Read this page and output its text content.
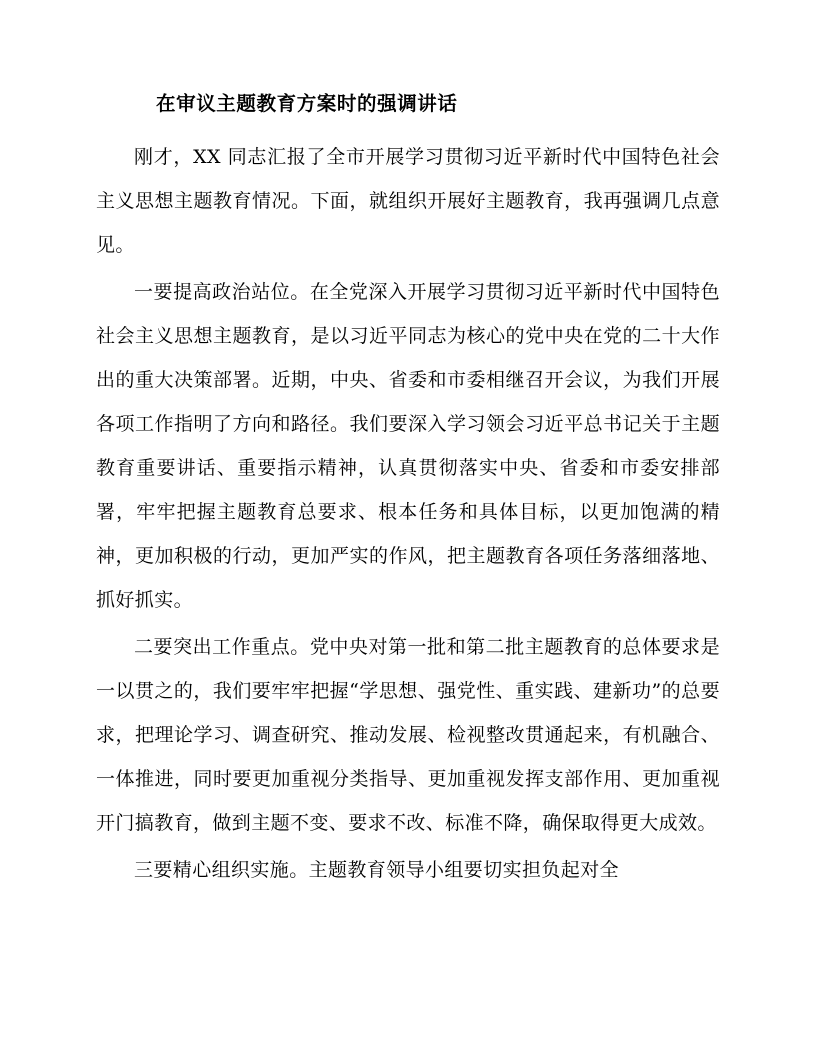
在审议主题教育方案时的强调讲话

刚才，XX 同志汇报了全市开展学习贯彻习近平新时代中国特色社会主义思想主题教育情况。下面，就组织开展好主题教育，我再强调几点意见。

一要提高政治站位。在全党深入开展学习贯彻习近平新时代中国特色社会主义思想主题教育，是以习近平同志为核心的党中央在党的二十大作出的重大决策部署。近期，中央、省委和市委相继召开会议，为我们开展各项工作指明了方向和路径。我们要深入学习领会习近平总书记关于主题教育重要讲话、重要指示精神，认真贯彻落实中央、省委和市委安排部署，牢牢把握主题教育总要求、根本任务和具体目标，以更加饱满的精神，更加积极的行动，更加严实的作风，把主题教育各项任务落细落地、抓好抓实。

二要突出工作重点。党中央对第一批和第二批主题教育的总体要求是一以贯之的，我们要牢牢把握“学思想、强党性、重实践、建新功”的总要求，把理论学习、调查研究、推动发展、检视整改贯通起来，有机融合、一体推进，同时要更加重视分类指导、更加重视发挥支部作用、更加重视开门搞教育，做到主题不变、要求不改、标准不降，确保取得更大成效。

三要精心组织实施。主题教育领导小组要切实担负起对全
